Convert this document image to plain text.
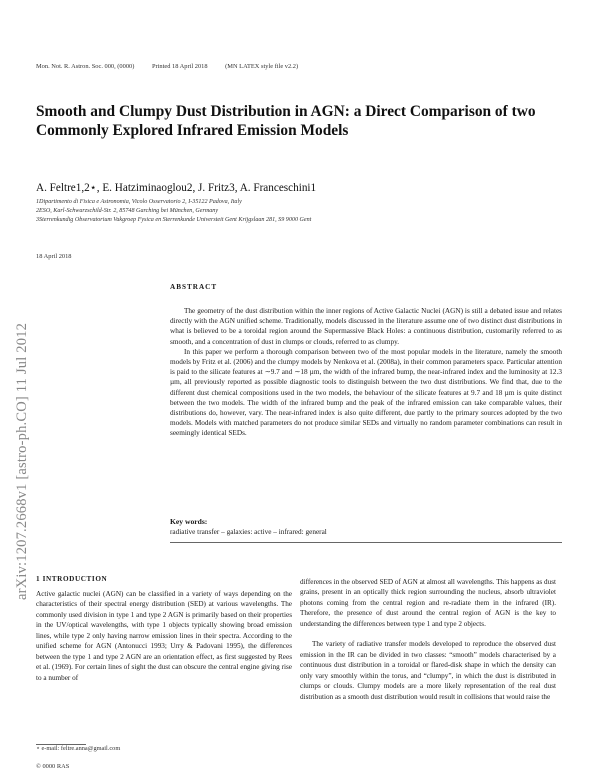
arXiv:1207.2668v1 [astro-ph.CO] 11 Jul 2012
Mon. Not. R. Astron. Soc. 000, (0000)	Printed 18 April 2018	(MN LATEX style file v2.2)
Smooth and Clumpy Dust Distribution in AGN: a Direct Comparison of two Commonly Explored Infrared Emission Models
A. Feltre1,2⋆, E. Hatziminaoglou2, J. Fritz3, A. Franceschini1
1Dipartimento di Fisica e Astronomia, Vicolo Osservatorio 2, I-35122 Padova, Italy
2ESO, Karl-Schwarzschild-Str. 2, 85748 Garching bei München, Germany
3Sterrenkundig Observatorium Vakgroep Fysica en Sterrenkunde Universteit Gent Krijgslaan 281, S9 9000 Gent
18 April 2018
ABSTRACT

The geometry of the dust distribution within the inner regions of Active Galactic Nuclei (AGN) is still a debated issue and relates directly with the AGN unified scheme. Traditionally, models discussed in the literature assume one of two distinct dust distributions in what is believed to be a toroidal region around the Supermassive Black Holes: a continuous distribution, customarily referred to as smooth, and a concentration of dust in clumps or clouds, referred to as clumpy.

In this paper we perform a thorough comparison between two of the most popular models in the literature, namely the smooth models by Fritz et al. (2006) and the clumpy models by Nenkova et al. (2008a), in their common parameters space. Particular attention is paid to the silicate features at ∼9.7 and ∼18 µm, the width of the infrared bump, the near-infrared index and the luminosity at 12.3 µm, all previously reported as possible diagnostic tools to distinguish between the two dust distributions. We find that, due to the different dust chemical compositions used in the two models, the behaviour of the silicate features at 9.7 and 18 µm is quite distinct between the two models. The width of the infrared bump and the peak of the infrared emission can take comparable values, their distributions do, however, vary. The near-infrared index is also quite different, due partly to the primary sources adopted by the two models. Models with matched parameters do not produce similar SEDs and virtually no random parameter combinations can result in seemingly identical SEDs.

Key words:
radiative transfer – galaxies: active – infrared: general
1 INTRODUCTION

Active galactic nuclei (AGN) can be classified in a variety of ways depending on the characteristics of their spectral energy distribution (SED) at various wavelengths. The commonly used division in type 1 and type 2 AGN is primarily based on their properties in the UV/optical wavelengths, with type 1 objects typically showing broad emission lines, while type 2 only having narrow emission lines in their spectra. According to the unified scheme for AGN (Antonucci 1993; Urry & Padovani 1995), the differences between the type 1 and type 2 AGN are an orientation effect, as first suggested by Rees et al. (1969). For certain lines of sight the dust can obscure the central engine giving rise to a number of

differences in the observed SED of AGN at almost all wavelengths. This happens as dust grains, present in an optically thick region surrounding the nucleus, absorb ultraviolet photons coming from the central region and re-radiate them in the infrared (IR). Therefore, the presence of dust around the central region of AGN is the key to understanding the differences between type 1 and type 2 objects.

The variety of radiative transfer models developed to reproduce the observed dust emission in the IR can be divided in two classes: “smooth” models characterised by a continuous dust distribution in a toroidal or flared-disk shape in which the density can only vary smoothly within the torus, and “clumpy”, in which the dust is distributed in clumps or clouds. Clumpy models are a more likely representation of the real dust distribution as a smooth dust distribution would result in collisions that would raise the

⋆ e-mail: feltre.anna@gmail.com
© 0000 RAS
